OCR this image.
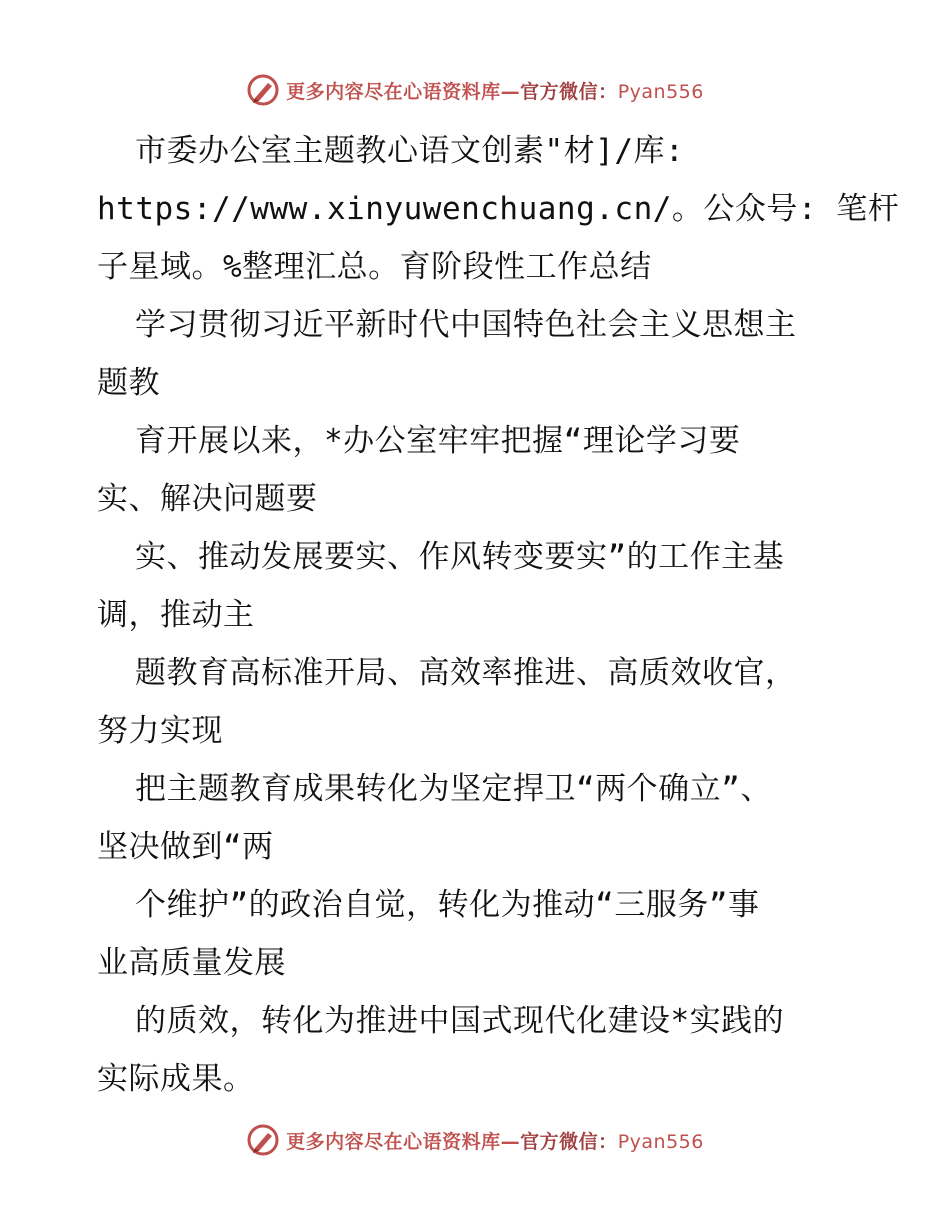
更多内容尽在心语资料库—官方微信：Pyan556
市委办公室主题教心语文创素"材]/库:
https://www.xinyuwenchuang.cn/。公众号: 笔杆
子星域。%整理汇总。育阶段性工作总结
学习贯彻习近平新时代中国特色社会主义思想主
题教
育开展以来，*办公室牢牢把握“理论学习要
实、解决问题要
实、推动发展要实、作风转变要实”的工作主基
调，推动主
题教育高标准开局、高效率推进、高质效收官，
努力实现
把主题教育成果转化为坚定捍卫“两个确立”、
坚决做到“两
个维护”的政治自觉，转化为推动“三服务”事
业高质量发展
的质效，转化为推进中国式现代化建设*实践的
实际成果。
更多内容尽在心语资料库—官方微信：Pyan556
